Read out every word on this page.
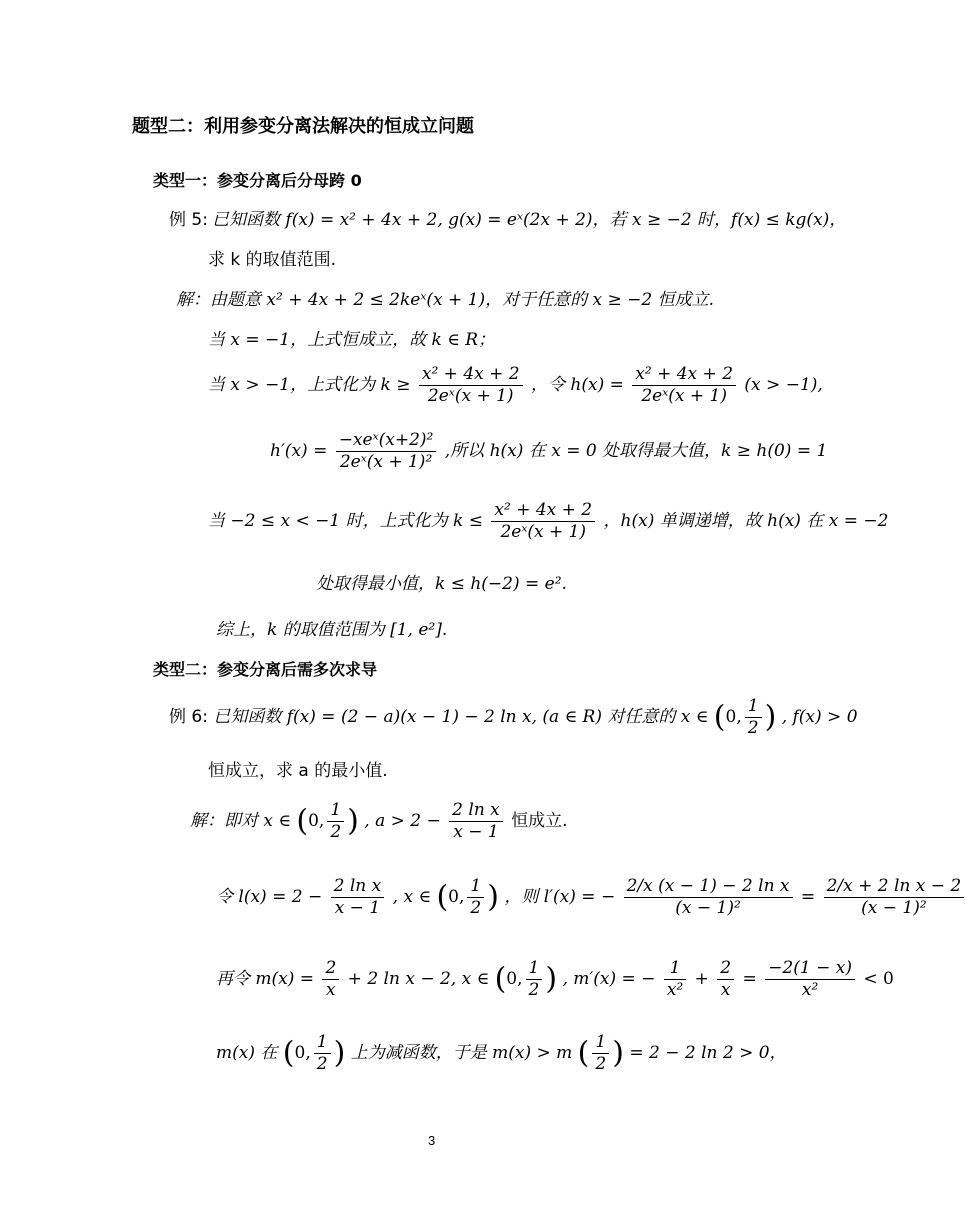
题型二：利用参变分离法解决的恒成立问题
类型一：参变分离后分母跨 0
例 5: 已知函数 f(x) = x² + 4x + 2, g(x) = eˣ(2x + 2)，若 x ≥ −2 时，f(x) ≤ kg(x)，
求 k 的取值范围.
解：由题意 x² + 4x + 2 ≤ 2keˣ(x + 1)，对于任意的 x ≥ −2 恒成立.
当 x = −1，上式恒成立，故 k ∈ R；
当 x > −1，上式化为 $k \ge \frac{\text{x² + 4x + 2}}{\text{2eˣ(x + 1)}}$ ，令 $h(x) = \frac{\text{x² + 4x + 2}}{\text{2eˣ(x + 1)}} (x > -1)$,
$h'(x) = \frac{\text{−xeˣ(x+2)²}}{\text{2eˣ(x + 1)²}}$ ,所以 h(x) 在 x = 0 处取得最大值，k ≥ h(0) = 1
当 −2 ≤ x < −1 时，上式化为 $k \le \frac{\text{x² + 4x + 2}}{\text{2eˣ(x + 1)}}$ ，h(x) 单调递增，故 h(x) 在 x = −2
处取得最小值，k ≤ h(−2) = e².
综上，k 的取值范围为 [1, e²].
类型二：参变分离后需多次求导
例 6: 已知函数 f(x) = (2 − a)(x − 1) − 2 ln x, (a ∈ R) 对任意的 x ∈ (0, $\frac{1}{2}$ ) , f(x) > 0
恒成立，求 a 的最小值.
解：即对 x ∈ (0, $\frac{1}{2}$ ) , $a > 2 - \frac{\text{2 ln x}}{x - 1}$ 恒成立.
令 $l(x) = 2 - \frac{\text{2 ln x}}{x - 1}$ , x ∈ (0, $\frac{1}{2}$ ) ，则 l′(x) = − $\frac{\text{2/x (x − 1) − 2 ln x}}{\text{(x − 1)²}} = \frac{\text{2/x + 2 ln x − 2}}{\text{(x − 1)²}}$
再令 $m(x) = \frac{2}{x} + 2$ ln x − 2, x ∈ (0, $\frac{1}{2}$ ) , m′(x) = − $\frac{1}{\text{x²}} + \frac{2}{x} = \frac{-2(1 - x)}{\text{x²}} < 0$
m(x) 在 (0, $\frac{1}{2}$ ) 上为减函数，于是 m(x) > m ( $\frac{1}{2}$ ) = 2 − 2 ln 2 > 0，
3
